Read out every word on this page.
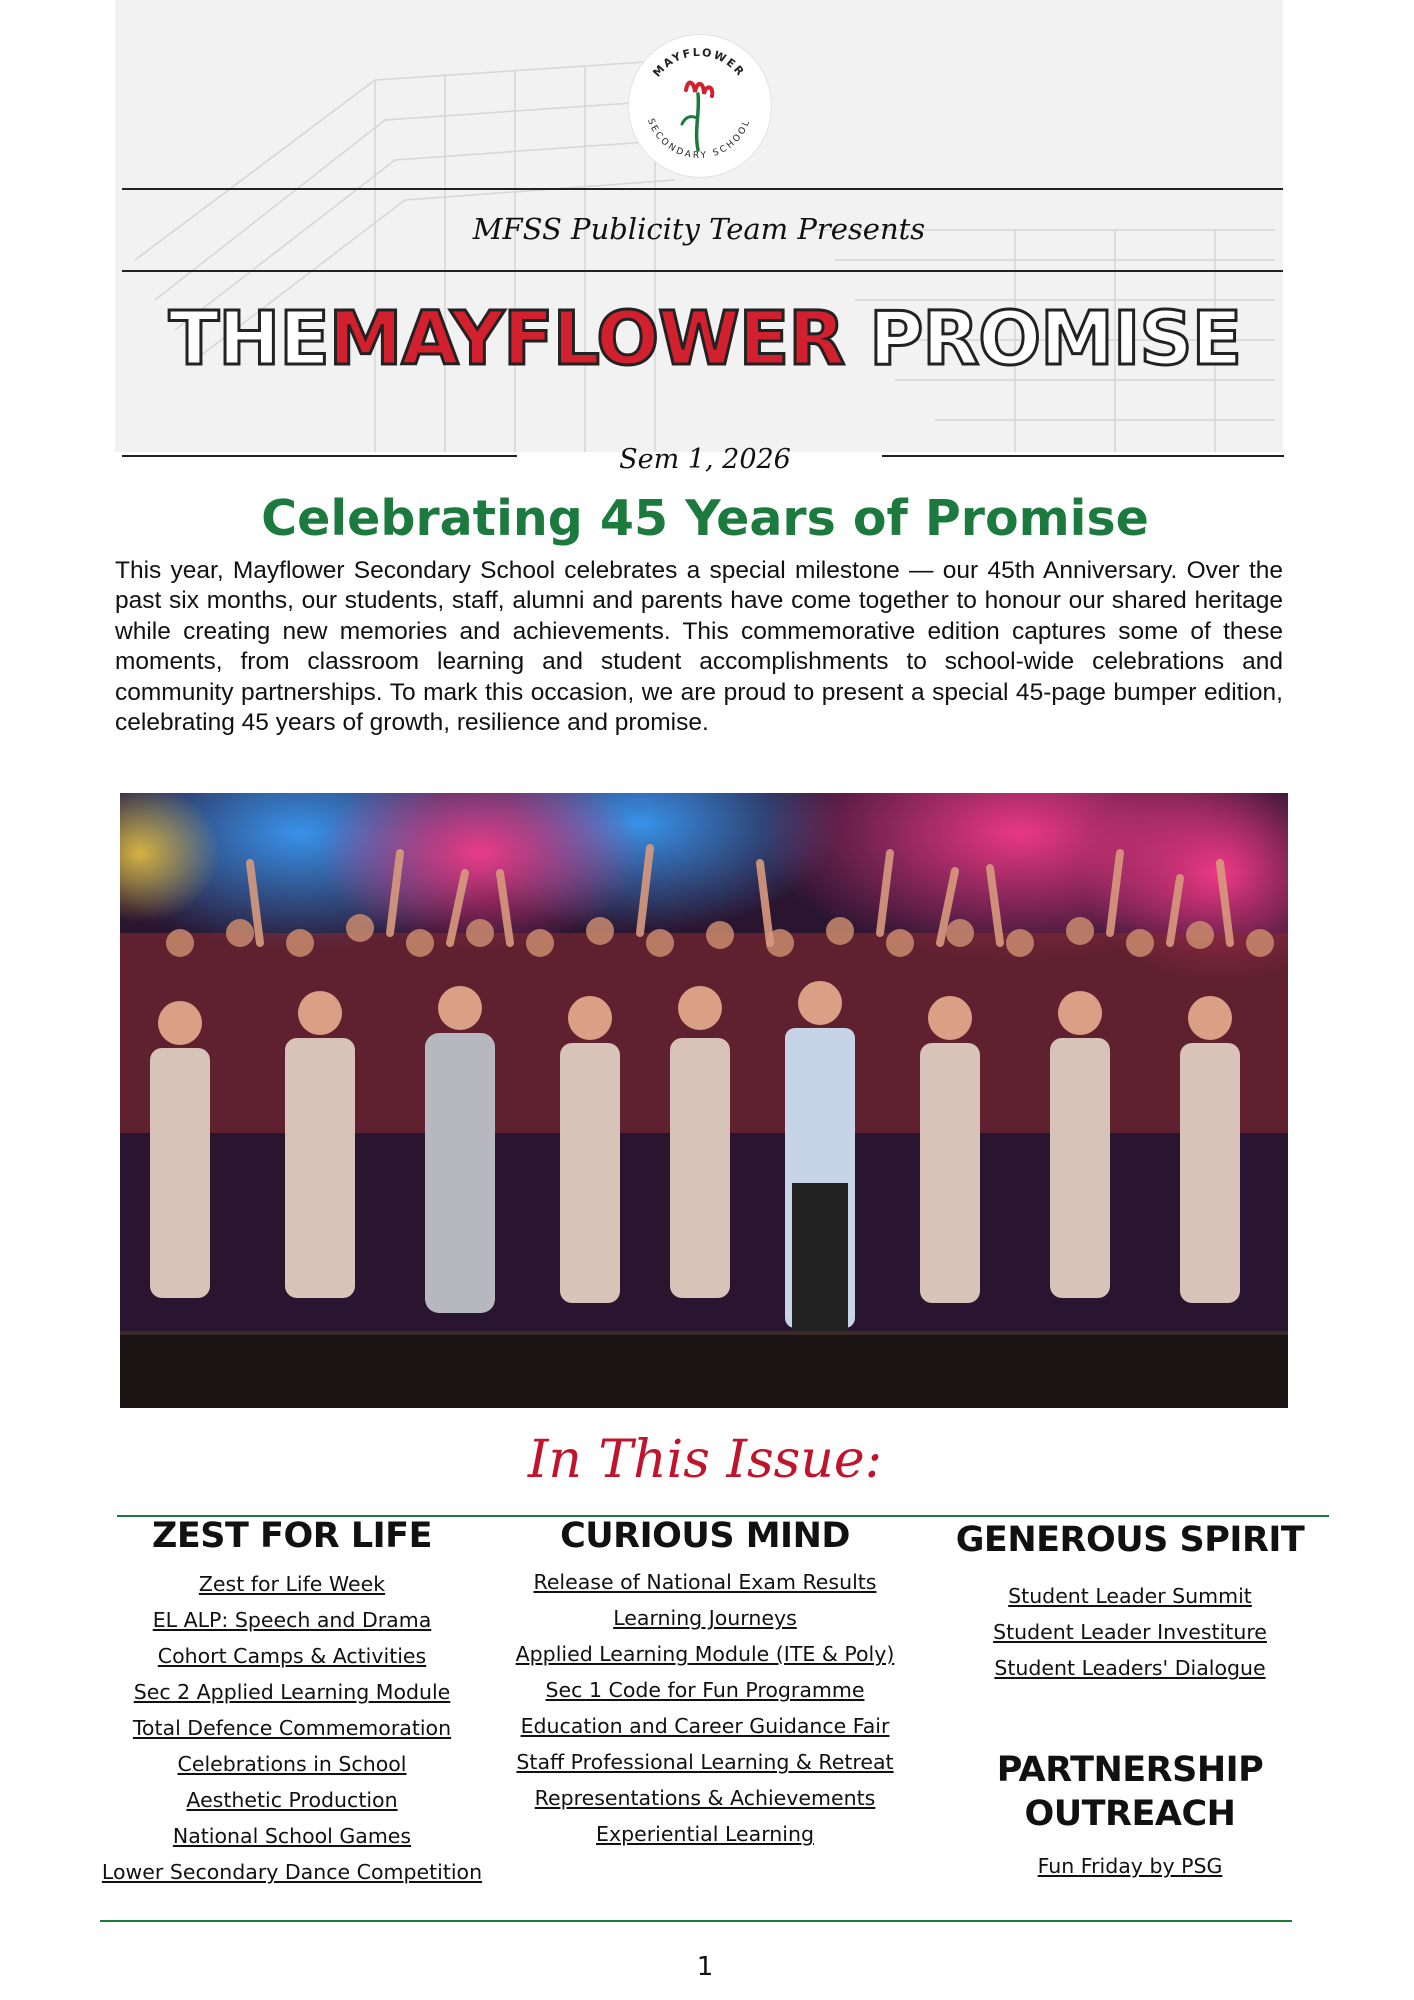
MAYFLOWER
SECONDARY SCHOOL
MFSS Publicity Team Presents
THEMAYFLOWER PROMISE
Sem 1, 2026
Celebrating 45 Years of Promise
This year, Mayflower Secondary School celebrates a special milestone — our 45th Anniversary. Over the past six months, our students, staff, alumni and parents have come together to honour our shared heritage while creating new memories and achievements. This commemorative edition captures some of these moments, from classroom learning and student accomplishments to school-wide celebrations and community partnerships. To mark this occasion, we are proud to present a special 45-page bumper edition, celebrating 45 years of growth, resilience and promise.
In This Issue:
ZEST FOR LIFE
Zest for Life Week
EL ALP: Speech and Drama
Cohort Camps & Activities
Sec 2 Applied Learning Module
Total Defence Commemoration
Celebrations in School
Aesthetic Production
National School Games
Lower Secondary Dance Competition
CURIOUS MIND
Release of National Exam Results
Learning Journeys
Applied Learning Module (ITE & Poly)
Sec 1 Code for Fun Programme
Education and Career Guidance Fair
Staff Professional Learning & Retreat
Representations & Achievements
Experiential Learning
GENEROUS SPIRIT
Student Leader Summit
Student Leader Investiture
Student Leaders' Dialogue
PARTNERSHIP OUTREACH
Fun Friday by PSG
1
